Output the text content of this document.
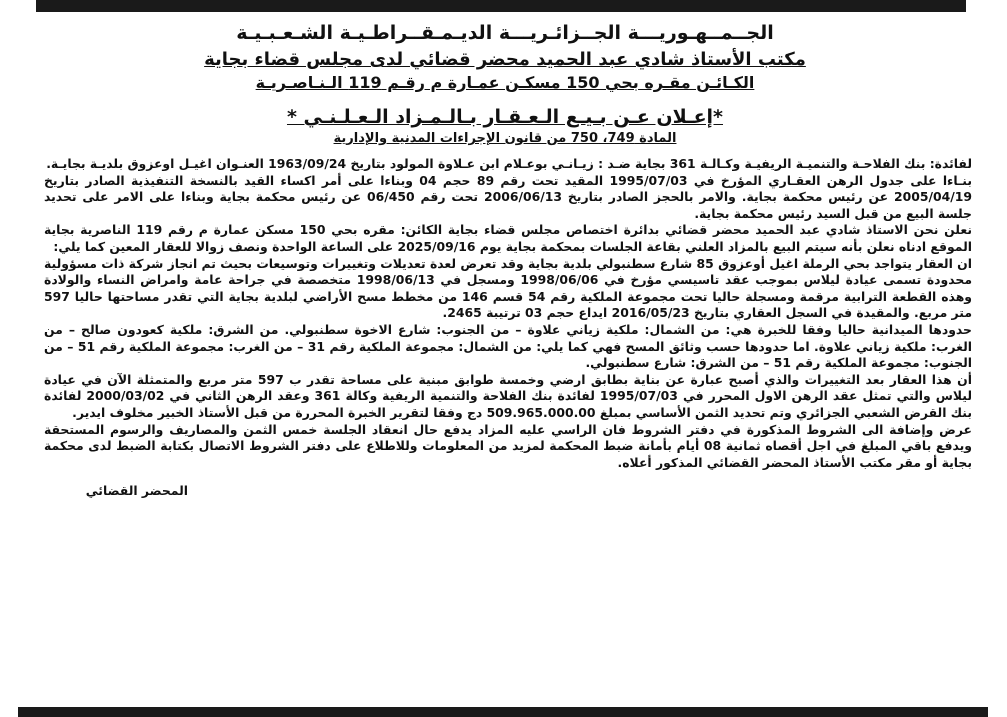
الجــمــهـوريـــة الجــزائـريـــة الديـمـقــراطـيـة الشـعـبـيـة
مكتب الأستاذ شادي عبد الحميد محضر قضائي لدى مجلس قضاء بجاية
الكـائـن مقـره بحي 150 مسكـن عمـارة م رقـم 119 الـنـاصـريـة
*إعـلان عـن بـيـع الـعـقـار بـالـمـزاد الـعـلـنـي *
المادة 749، 750 من قانون الإجراءات المدنية والإدارية

لفائدة: بنك الفلاحـة والتنميـة الريفيـة وكـالـة 361 بجاية ضـد : زيـانـي بوعـلام ابن عـلاوة المولود بتاريخ 1963/09/24 العنـوان اغيـل اوعزوق بلديـة بجايـة.

بنـاءا على جدول الرهن العقـاري المؤرخ في 1995/07/03 المقيد تحت رقم 89 حجم 04 وبناءا على أمر اكساء القيد بالنسخة التنفيذية الصادر بتاريخ 2005/04/19 عن رئيس محكمة بجاية. والامر بالحجز الصادر بتاريخ 2006/06/13 تحت رقم 06/450 عن رئيس محكمة بجاية وبناءا على الامر على تحديد جلسة البيع من قبل السيد رئيس محكمة بجاية.

نعلن نحن الاستاذ شادي عبد الحميد محضر قضائي بدائرة اختصاص مجلس قضاء بجاية الكائن: مقره بحي 150 مسكن عمارة م رقم 119 الناصرية بجاية الموقع ادناه نعلن بأنه سيتم البيع بالمزاد العلني بقاعة الجلسات بمحكمة بجاية يوم 2025/09/16 على الساعة الواحدة ونصف زوالا للعقار المعين كما يلي:

ان العقار يتواجد بحي الرملة اغيل أوعزوق 85 شارع سطنبولي بلدية بجاية وقد تعرض لعدة تعديلات وتغييرات وتوسيعات بحيث تم انجاز شركة ذات مسؤولية محدودة تسمى عيادة ليلاس بموجب عقد تاسيسي مؤرخ في 1998/06/06 ومسجل في 1998/06/13 متخصصة في جراحة عامة وامراض النساء والولادة وهذه القطعة الترابية مرقمة ومسجلة حاليا تحت مجموعة الملكية رقم 54 قسم 146 من مخطط مسح الأراضي لبلدية بجاية التي تقدر مساحتها حاليا 597 متر مربع. والمقيدة في السجل العقاري بتاريخ 2016/05/23 ايداع حجم 03 ترتيبة 2465.

حدودها الميدانية حاليا وفقا للخبرة هي: من الشمال: ملكية زياني علاوة – من الجنوب: شارع الاخوة سطنبولي. من الشرق: ملكية كعودون صالح – من الغرب: ملكية زياني علاوة. اما حدودها حسب وثائق المسح فهي كما يلي: من الشمال: مجموعة الملكية رقم 31 – من الغرب: مجموعة الملكية رقم 51 – من الجنوب: مجموعة الملكية رقم 51 – من الشرق: شارع سطنبولي.

أن هذا العقار بعد التغييرات والذي أصبح عبارة عن بناية بطابق ارضي وخمسة طوابق مبنية على مساحة تقدر ب 597 متر مربع والمتمثلة الآن في عيادة ليلاس والتي تمثل عقد الرهن الاول المحرر في 1995/07/03 لفائدة بنك الفلاحة والتنمية الريفية وكالة 361 وعقد الرهن الثاني في 2000/03/02 لفائدة بنك القرض الشعبي الجزائري وتم تحديد الثمن الأساسي بمبلغ 509.965.000.00 دج وفقا لتقرير الخبرة المحررة من قبل الأستاذ الخبير مخلوف ايدير.

عرض وإضافة الى الشروط المذكورة في دفتر الشروط فان الراسي عليه المزاد يدفع حال انعقاد الجلسة خمس الثمن والمصاريف والرسوم المستحقة ويدفع باقي المبلغ في اجل أقصاه ثمانية 08 أيام بأمانة ضبط المحكمة لمزيد من المعلومات وللاطلاع على دفتر الشروط الاتصال بكتابة الضبط لدى محكمة بجاية أو مقر مكتب الأستاذ المحضر القضائي المذكور أعلاه.

المحضر القضائي
